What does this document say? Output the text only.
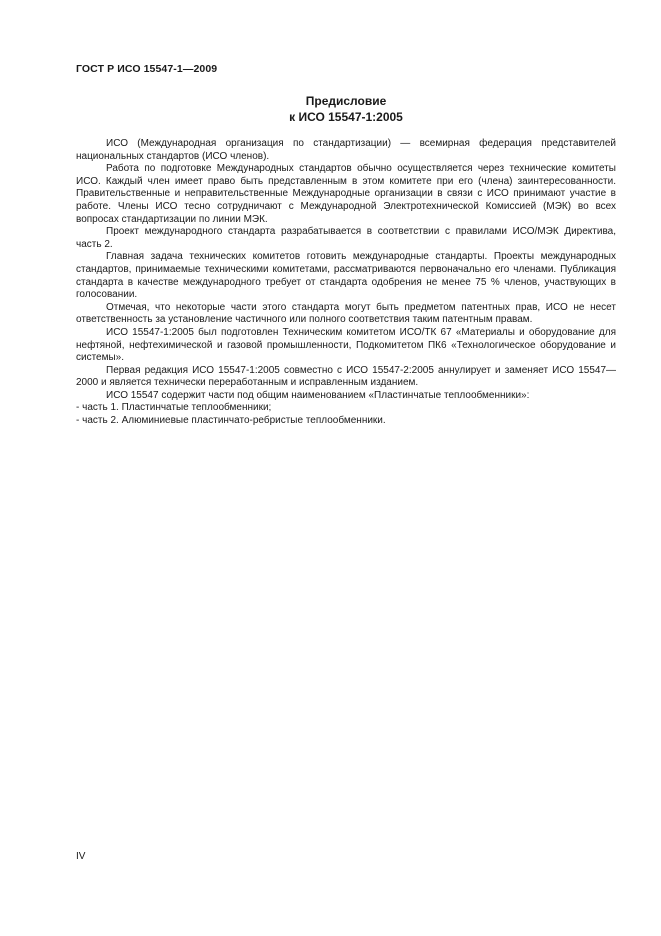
ГОСТ Р ИСО 15547-1—2009
Предисловие
к ИСО 15547-1:2005

ИСО (Международная организация по стандартизации) — всемирная федерация представителей национальных стандартов (ИСО членов).

Работа по подготовке Международных стандартов обычно осуществляется через технические комитеты ИСО. Каждый член имеет право быть представленным в этом комитете при его (члена) заинтересованности. Правительственные и неправительственные Международные организации в связи с ИСО принимают участие в работе. Члены ИСО тесно сотрудничают с Международной Электротехнической Комиссией (МЭК) во всех вопросах стандартизации по линии МЭК.

Проект международного стандарта разрабатывается в соответствии с правилами ИСО/МЭК Директива, часть 2.

Главная задача технических комитетов готовить международные стандарты. Проекты международных стандартов, принимаемые техническими комитетами, рассматриваются первоначально его членами. Публикация стандарта в качестве международного требует от стандарта одобрения не менее 75 % членов, участвующих в голосовании.

Отмечая, что некоторые части этого стандарта могут быть предметом патентных прав, ИСО не несет ответственность за установление частичного или полного соответствия таким патентным правам.

ИСО 15547-1:2005 был подготовлен Техническим комитетом ИСО/ТК 67 «Материалы и оборудование для нефтяной, нефтехимической и газовой промышленности, Подкомитетом ПК6 «Технологическое оборудование и системы».

Первая редакция ИСО 15547-1:2005 совместно с ИСО 15547-2:2005 аннулирует и заменяет ИСО 15547—2000 и является технически переработанным и исправленным изданием.

ИСО 15547 содержит части под общим наименованием «Пластинчатые теплообменники»:

- часть 1. Пластинчатые теплообменники;

- часть 2. Алюминиевые пластинчато-ребристые теплообменники.

IV
